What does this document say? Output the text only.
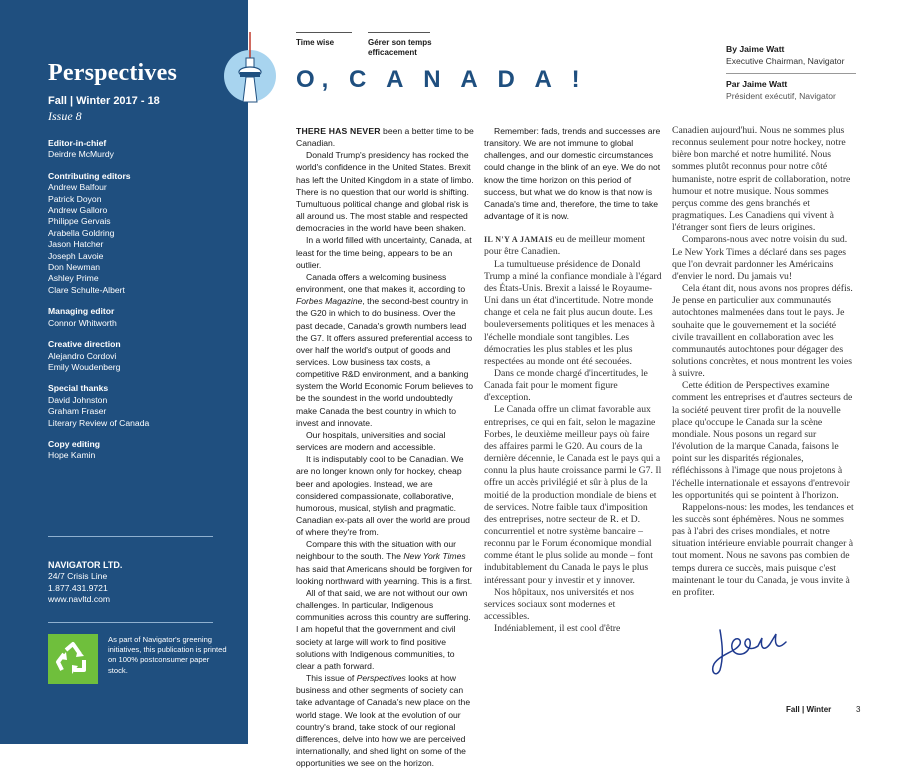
Perspectives
Fall | Winter 2017 - 18
Issue 8
Editor-in-chief
Deirdre McMurdy
Contributing editors
Andrew Balfour
Patrick Doyon
Andrew Galloro
Philippe Gervais
Arabella Goldring
Jason Hatcher
Joseph Lavoie
Don Newman
Ashley Prime
Clare Schulte-Albert
Managing editor
Connor Whitworth
Creative direction
Alejandro Cordovi
Emily Woudenberg
Special thanks
David Johnston
Graham Fraser
Literary Review of Canada
Copy editing
Hope Kamin
NAVIGATOR LTD.
24/7 Crisis Line
1.877.431.9721
www.navltd.com
As part of Navigator's greening initiatives, this publication is printed on 100% postconsumer paper stock.
Time wise	Gérer son temps efficacement
O, C A N A D A !
By Jaime Watt
Executive Chairman, Navigator
Par Jaime Watt
Président exécutif, Navigator

THERE HAS NEVER been a better time to be Canadian.

Donald Trump's presidency has rocked the world's confidence in the United States. Brexit has left the United Kingdom in a state of limbo. There is no question that our world is shifting. Tumultuous political change and global risk is all around us. The most stable and respected democracies in the world have been shaken.

In a world filled with uncertainty, Canada, at least for the time being, appears to be an outlier.

Canada offers a welcoming business environment, one that makes it, according to Forbes Magazine, the second-best country in the G20 in which to do business. Over the past decade, Canada's growth numbers lead the G7. It offers assured preferential access to over half the world's output of goods and services. Low business tax costs, a competitive R&D environment, and a banking system the World Economic Forum believes to be the soundest in the world undoubtedly make Canada the best country in which to invest and innovate.

Our hospitals, universities and social services are modern and accessible.

It is indisputably cool to be Canadian. We are no longer known only for hockey, cheap beer and apologies. Instead, we are considered compassionate, collaborative, humorous, musical, stylish and pragmatic. Canadian ex-pats all over the world are proud of where they're from.

Compare this with the situation with our neighbour to the south. The New York Times has said that Americans should be forgiven for looking northward with yearning. This is a first.

All of that said, we are not without our own challenges. In particular, Indigenous communities across this country are suffering. I am hopeful that the government and civil society at large will work to find positive solutions with Indigenous communities, to clear a path forward.

This issue of Perspectives looks at how business and other segments of society can take advantage of Canada's new place on the world stage. We look at the evolution of our country's brand, take stock of our regional differences, delve into how we are perceived internationally, and shed light on some of the opportunities we see on the horizon.

Remember: fads, trends and successes are transitory. We are not immune to global challenges, and our domestic circumstances could change in the blink of an eye. We do not know the time horizon on this period of success, but what we do know is that now is Canada's time and, therefore, the time to take advantage of it is now.

IL N'Y A JAMAIS eu de meilleur moment pour être Canadien.

La tumultueuse présidence de Donald Trump a miné la confiance mondiale à l'égard des États-Unis. Brexit a laissé le Royaume-Uni dans un état d'incertitude. Notre monde change et cela ne fait plus aucun doute. Les bouleversements politiques et les menaces à l'échelle mondiale sont tangibles. Les démocraties les plus stables et les plus respectées au monde ont été secouées.

Dans ce monde chargé d'incertitudes, le Canada fait pour le moment figure d'exception.

Le Canada offre un climat favorable aux entreprises, ce qui en fait, selon le magazine Forbes, le deuxième meilleur pays où faire des affaires parmi le G20. Au cours de la dernière décennie, le Canada est le pays qui a connu la plus haute croissance parmi le G7. Il offre un accès privilégié et sûr à plus de la moitié de la production mondiale de biens et de services. Notre faible taux d'imposition des entreprises, notre secteur de R. et D. concurrentiel et notre système bancaire – reconnu par le Forum économique mondial comme étant le plus solide au monde – font indubitablement du Canada le pays le plus intéressant pour y investir et y innover.

Nos hôpitaux, nos universités et nos services sociaux sont modernes et accessibles.

Indéniablement, il est cool d'être

Canadien aujourd'hui. Nous ne sommes plus reconnus seulement pour notre hockey, notre bière bon marché et notre humilité. Nous sommes plutôt reconnus pour notre côté humaniste, notre esprit de collaboration, notre humour et notre musique. Nous sommes perçus comme des gens branchés et pragmatiques. Les Canadiens qui vivent à l'étranger sont fiers de leurs origines.

Comparons-nous avec notre voisin du sud. Le New York Times a déclaré dans ses pages que l'on devrait pardonner les Américains d'envier le nord. Du jamais vu!

Cela étant dit, nous avons nos propres défis. Je pense en particulier aux communautés autochtones malmenées dans tout le pays. Je souhaite que le gouvernement et la société civile travaillent en collaboration avec les communautés autochtones pour dégager des solutions concrètes, et nous montrent les voies à suivre.

Cette édition de Perspectives examine comment les entreprises et d'autres secteurs de la société peuvent tirer profit de la nouvelle place qu'occupe le Canada sur la scène mondiale. Nous posons un regard sur l'évolution de la marque Canada, faisons le point sur les disparités régionales, réfléchissons à l'image que nous projetons à l'échelle internationale et essayons d'entrevoir les opportunités qui se pointent à l'horizon.

Rappelons-nous: les modes, les tendances et les succès sont éphémères. Nous ne sommes pas à l'abri des crises mondiales, et notre situation intérieure enviable pourrait changer à tout moment. Nous ne savons pas combien de temps durera ce succès, mais puisque c'est maintenant le tour du Canada, je vous invite à en profiter.

Fall | Winter	3
